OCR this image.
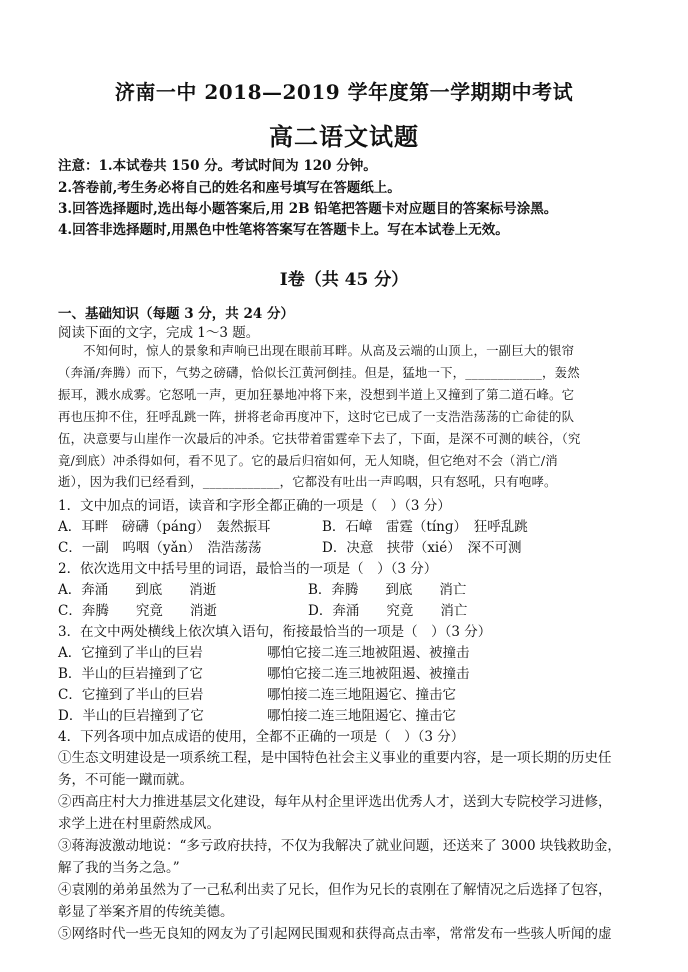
济南一中 2018—2019 学年度第一学期期中考试
高二语文试题
注意：1.本试卷共 150 分。考试时间为 120 分钟。
2.答卷前,考生务必将自己的姓名和座号填写在答题纸上。
3.回答选择题时,选出每小题答案后,用 2B 铅笔把答题卡对应题目的答案标号涂黑。
4.回答非选择题时,用黑色中性笔将答案写在答题卡上。写在本试卷上无效。
Ⅰ卷（共 45 分）
一、基础知识（每题 3 分，共 24 分）
阅读下面的文字，完成 1～3 题。
　　不知何时，惊人的景象和声响已出现在眼前耳畔。从高及云端的山顶上，一副巨大的银帘
（奔涌/奔腾）而下，气势之磅礴，恰似长江黄河倒挂。但是，猛地一下，____________，轰然
振耳，溅水成雾。它怒吼一声，更加狂暴地冲将下来，没想到半道上又撞到了第二道石峰。它
再也压抑不住，狂呼乱跳一阵，拼将老命再度冲下，这时它已成了一支浩浩荡荡的亡命徒的队
伍，决意要与山崖作一次最后的冲杀。它扶带着雷霆牵下去了，下面，是深不可测的峡谷，（究
竟/到底）冲杀得如何，看不见了。它的最后归宿如何，无人知晓，但它绝对不会（消亡/消
逝），因为我们已经看到，____________，它都没有吐出一声呜咽，只有怒吼，只有咆哮。
1．文中加点的词语，读音和字形全都正确的一项是（　）（3 分）
A．耳畔　磅礴（pánɡ）　轰然振耳	B．石嶂　雷霆（tínɡ）　狂呼乱跳
C．一副　呜咽（yǎn）　浩浩荡荡	D．决意　挟带（xié）　深不可测
2．依次选用文中括号里的词语，最恰当的一项是（　）（3 分）
A．奔涌　　到底　　消逝	B．奔腾　　到底　　消亡
C．奔腾　　究竟　　消逝	D．奔涌　　究竟　　消亡
3．在文中两处横线上依次填入语句，衔接最恰当的一项是（　）（3 分）
A．它撞到了半山的巨岩	哪怕它接二连三地被阻遏、被撞击
B．半山的巨岩撞到了它	哪怕它接二连三地被阻遏、被撞击
C．它撞到了半山的巨岩	哪怕接二连三地阻遏它、撞击它
D．半山的巨岩撞到了它	哪怕接二连三地阻遏它、撞击它
4．下列各项中加点成语的使用，全都不正确的一项是（　）（3 分）
①生态文明建设是一项系统工程，是中国特色社会主义事业的重要内容，是一项长期的历史任
务，不可能一蹴而就。
②西高庄村大力推进基层文化建设，每年从村企里评选出优秀人才，送到大专院校学习进修，
求学上进在村里蔚然成风。
③蒋海波激动地说：“多亏政府扶持，不仅为我解决了就业问题，还送来了 3000 块钱救助金，
解了我的当务之急。”
④袁刚的弟弟虽然为了一己私利出卖了兄长，但作为兄长的袁刚在了解情况之后选择了包容，
彰显了举案齐眉的传统美德。
⑤网络时代一些无良知的网友为了引起网民围观和获得高点击率，常常发布一些骇人听闻的虚
